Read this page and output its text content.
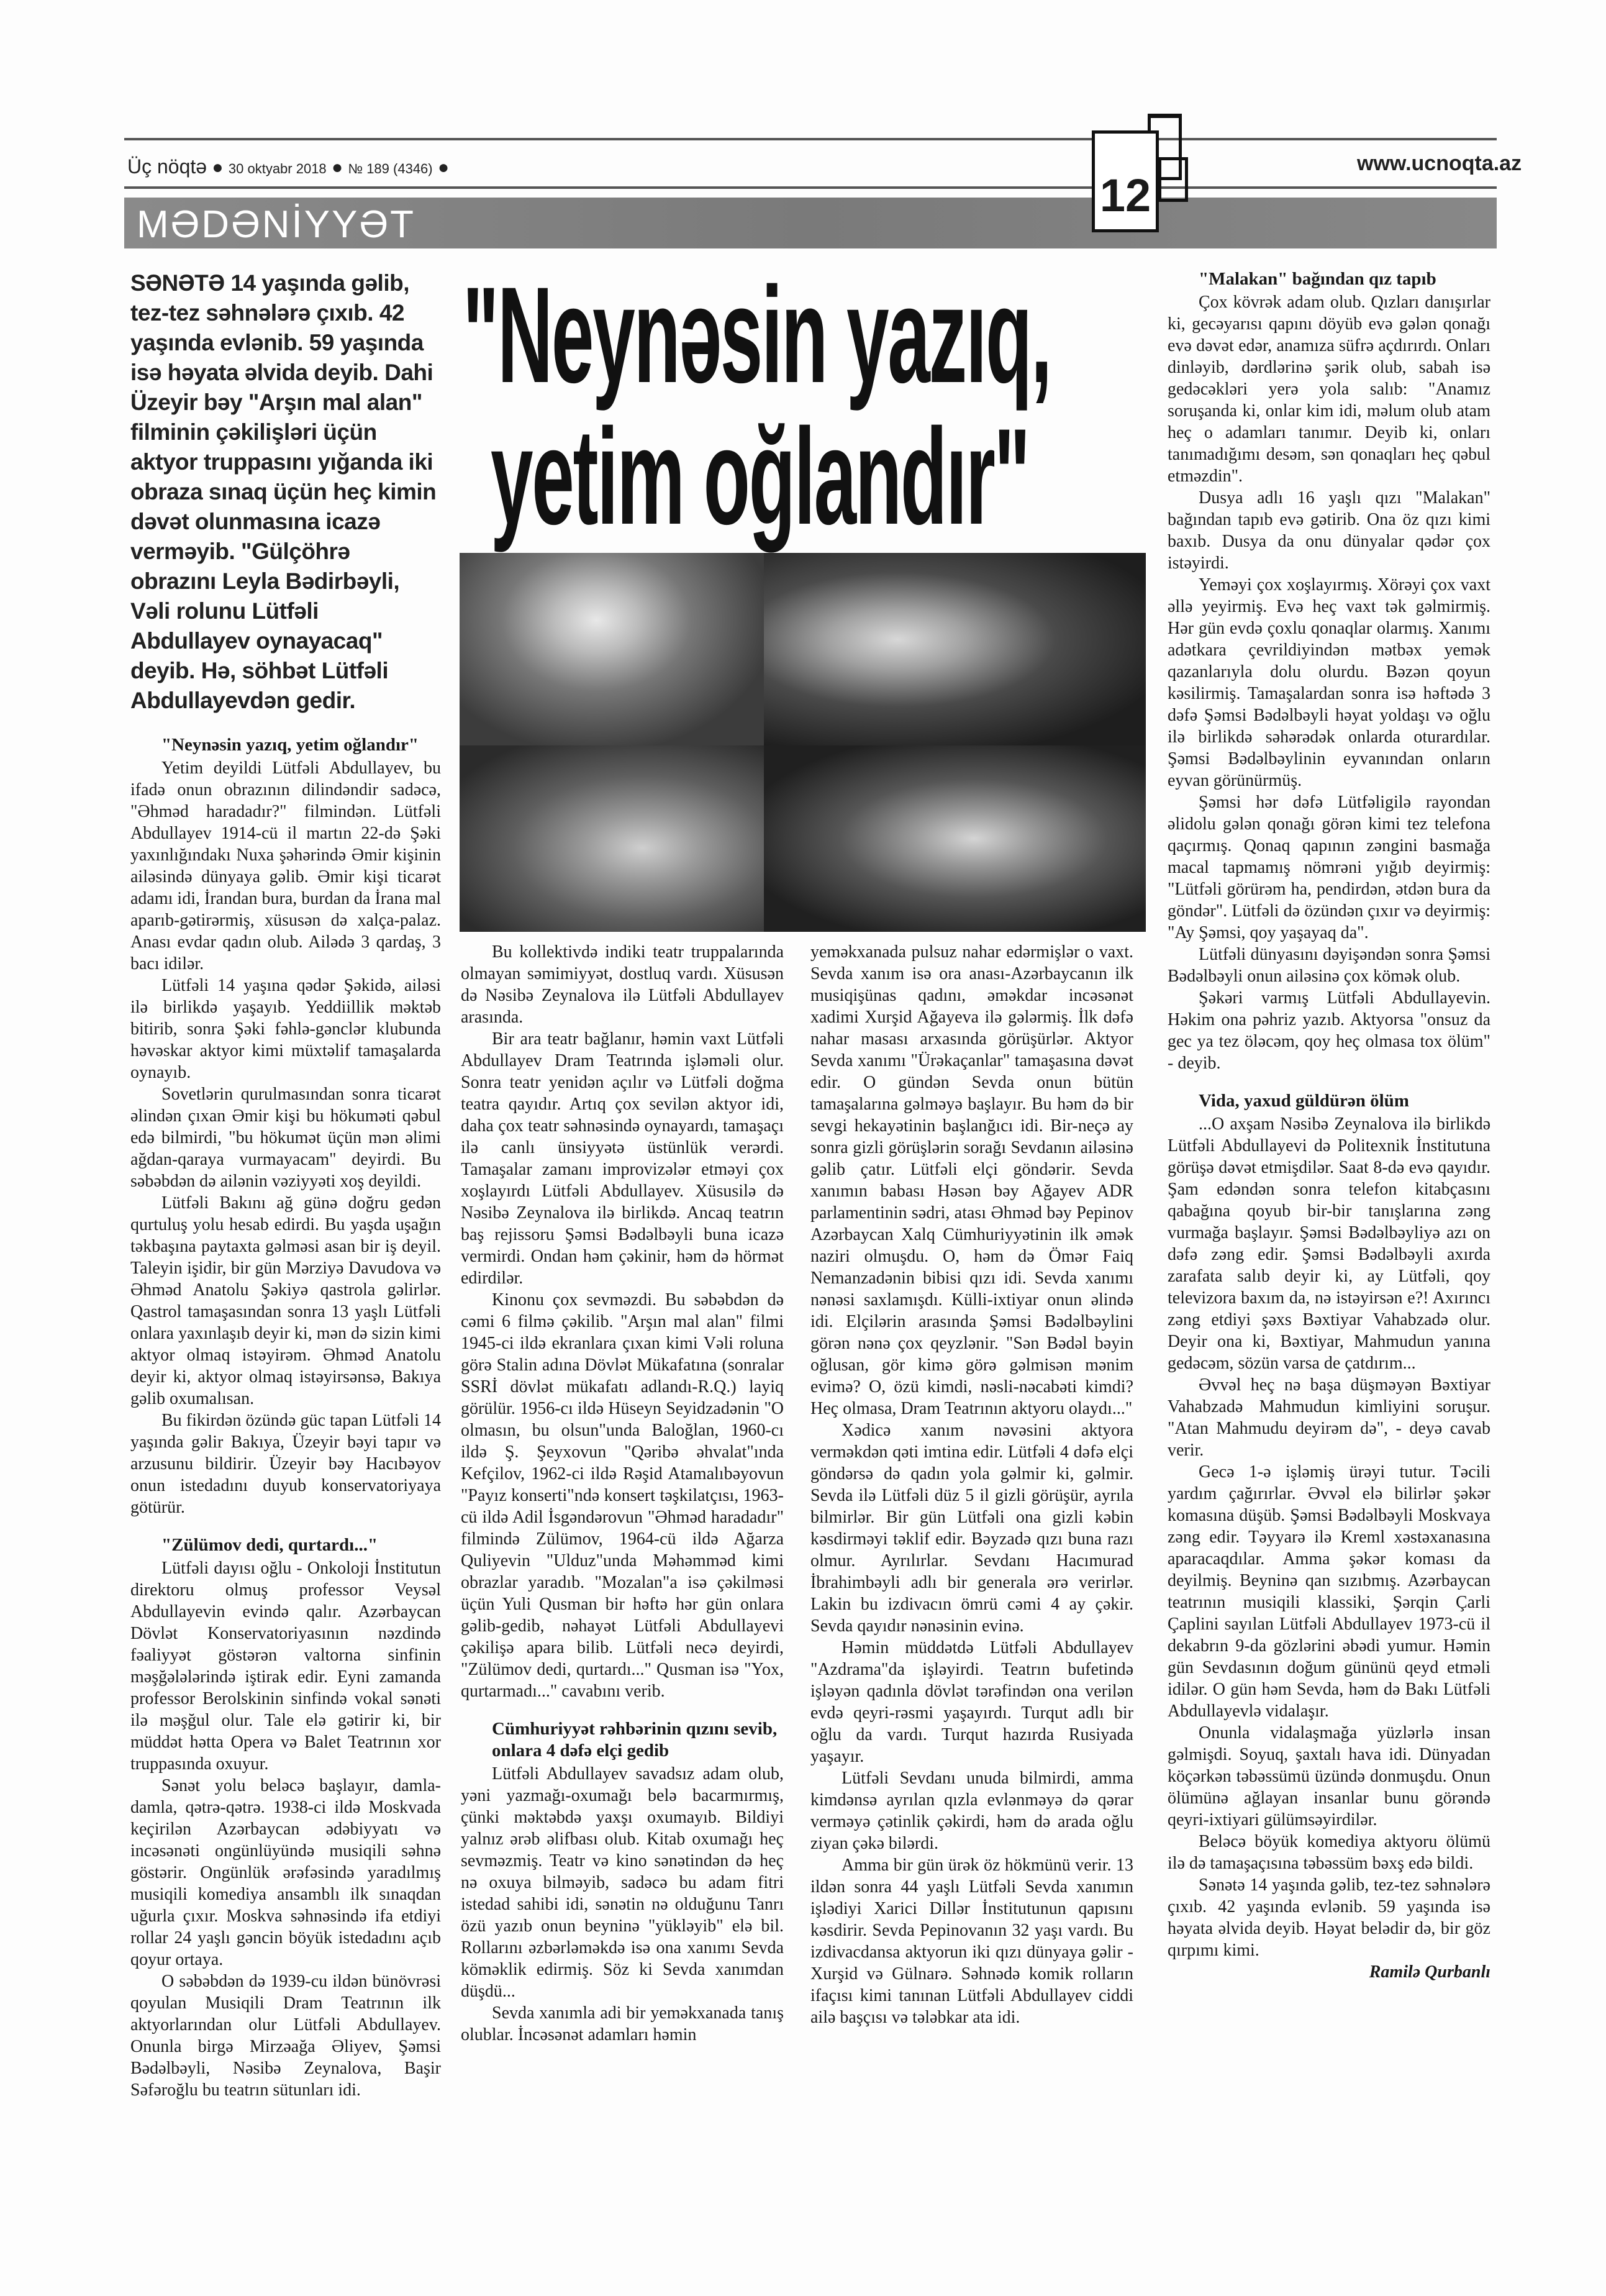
Üç nöqtə ● 30 oktyabr 2018 ● № 189 (4346) ●	www.ucnoqta.az
MƏDƏNİYYƏT
12
"Neynəsin yazıq,
yetim oğlandır"
SƏNƏTƏ 14 yaşında gəlib, tez-tez səhnələrə çıxıb. 42 yaşında evlənib. 59 yaşında isə həyata əlvida deyib. Dahi Üzeyir bəy "Arşın mal alan" filminin çəkilişləri üçün aktyor truppasını yığanda iki obraza sınaq üçün heç kimin dəvət olunmasına icazə verməyib. "Gülçöhrə obrazını Leyla Bədirbəyli, Vəli rolunu Lütfəli Abdullayev oynayacaq" deyib. Hə, söhbət Lütfəli Abdullayevdən gedir.
"Neynəsin yazıq, yetim oğlandır"

Yetim deyildi Lütfəli Abdullayev, bu ifadə onun obrazının dilindəndir sadəcə, "Əhməd haradadır?" filmindən. Lütfəli Abdullayev 1914-cü il martın 22-də Şəki yaxınlığındakı Nuxa şəhərində Əmir kişinin ailəsində dünyaya gəlib. Əmir kişi ticarət adamı idi, İrandan bura, burdan da İrana mal aparıb-gətirərmiş, xüsusən də xalça-palaz. Anası evdar qadın olub. Ailədə 3 qardaş, 3 bacı idilər.

Lütfəli 14 yaşına qədər Şəkidə, ailəsi ilə birlikdə yaşayıb. Yeddiillik məktəb bitirib, sonra Şəki fəhlə-gənclər klubunda həvəskar aktyor kimi müxtəlif tamaşalarda oynayıb.

Sovetlərin qurulmasından sonra ticarət əlindən çıxan Əmir kişi bu hökuməti qəbul edə bilmirdi, "bu hökumət üçün mən əlimi ağdan-qaraya vurmayacam" deyirdi. Bu səbəbdən də ailənin vəziyyəti xoş deyildi.

Lütfəli Bakını ağ günə doğru gedən qurtuluş yolu hesab edirdi. Bu yaşda uşağın təkbaşına paytaxta gəlməsi asan bir iş deyil. Taleyin işidir, bir gün Mərziyə Davudova və Əhməd Anatolu Şəkiyə qastrola gəlirlər. Qastrol tamaşasından sonra 13 yaşlı Lütfəli onlara yaxınlaşıb deyir ki, mən də sizin kimi aktyor olmaq istəyirəm. Əhməd Anatolu deyir ki, aktyor olmaq istəyirsənsə, Bakıya gəlib oxumalısan.

Bu fikirdən özündə güc tapan Lütfəli 14 yaşında gəlir Bakıya, Üzeyir bəyi tapır və arzusunu bildirir. Üzeyir bəy Hacıbəyov onun istedadını duyub konservatoriyaya götürür.

"Zülümov dedi, qurtardı..."

Lütfəli dayısı oğlu - Onkoloji İnstitutun direktoru olmuş professor Veysəl Abdullayevin evində qalır. Azərbaycan Dövlət Konservatoriyasının nəzdində fəaliyyət göstərən valtorna sinfinin məşğələlərində iştirak edir. Eyni zamanda professor Berolskinin sinfində vokal sənəti ilə məşğul olur. Tale elə gətirir ki, bir müddət hətta Opera və Balet Teatrının xor truppasında oxuyur.

Sənət yolu beləcə başlayır, damla-damla, qətrə-qətrə. 1938-ci ildə Moskvada keçirilən Azərbaycan ədəbiyyatı və incəsənəti ongünlüyündə musiqili səhnə göstərir. Ongünlük ərəfəsində yaradılmış musiqili komediya ansamblı ilk sınaqdan uğurla çıxır. Moskva səhnəsində ifa etdiyi rollar 24 yaşlı gəncin böyük istedadını açıb qoyur ortaya.

O səbəbdən də 1939-cu ildən bünövrəsi qoyulan Musiqili Dram Teatrının ilk aktyorlarından olur Lütfəli Abdullayev. Onunla birgə Mirzəağa Əliyev, Şəmsi Bədəlbəyli, Nəsibə Zeynalova, Başir Səfəroğlu bu teatrın sütunları idi.

Bu kollektivdə indiki teatr truppalarında olmayan səmimiyyət, dostluq vardı. Xüsusən də Nəsibə Zeynalova ilə Lütfəli Abdullayev arasında.

Bir ara teatr bağlanır, həmin vaxt Lütfəli Abdullayev Dram Teatrında işləməli olur. Sonra teatr yenidən açılır və Lütfəli doğma teatra qayıdır. Artıq çox sevilən aktyor idi, daha çox teatr səhnəsində oynayardı, tamaşaçı ilə canlı ünsiyyətə üstünlük verərdi. Tamaşalar zamanı improvizələr etməyi çox xoşlayırdı Lütfəli Abdullayev. Xüsusilə də Nəsibə Zeynalova ilə birlikdə. Ancaq teatrın baş rejissoru Şəmsi Bədəlbəyli buna icazə vermirdi. Ondan həm çəkinir, həm də hörmət edirdilər.

Kinonu çox sevməzdi. Bu səbəbdən də cəmi 6 filmə çəkilib. "Arşın mal alan" filmi 1945-ci ildə ekranlara çıxan kimi Vəli roluna görə Stalin adına Dövlət Mükafatına (sonralar SSRİ dövlət mükafatı adlandı-R.Q.) layiq görülür. 1956-cı ildə Hüseyn Seyidzadənin "O olmasın, bu olsun"unda Baloğlan, 1960-cı ildə Ş. Şeyxovun "Qəribə əhvalat"ında Kefçilov, 1962-ci ildə Rəşid Atamalıbəyovun "Payız konserti"ndə konsert təşkilatçısı, 1963-cü ildə Adil İsgəndərovun "Əhməd haradadır" filmində Zülümov, 1964-cü ildə Ağarza Quliyevin "Ulduz"unda Məhəmməd kimi obrazlar yaradıb. "Mozalan"a isə çəkilməsi üçün Yuli Qusman bir həftə hər gün onlara gəlib-gedib, nəhayət Lütfəli Abdullayevi çəkilişə apara bilib. Lütfəli necə deyirdi, "Zülümov dedi, qurtardı..." Qusman isə "Yox, qurtarmadı..." cavabını verib.

Cümhuriyyət rəhbərinin qızını sevib, onlara 4 dəfə elçi gedib

Lütfəli Abdullayev savadsız adam olub, yəni yazmağı-oxumağı belə bacarmırmış, çünki məktəbdə yaxşı oxumayıb. Bildiyi yalnız ərəb əlifbası olub. Kitab oxumağı heç sevməzmiş. Teatr və kino sənətindən də heç nə oxuya bilməyib, sadəcə bu adam fitri istedad sahibi idi, sənətin nə olduğunu Tanrı özü yazıb onun beyninə "yükləyib" elə bil. Rollarını əzbərləməkdə isə ona xanımı Sevda köməklik edirmiş. Söz ki Sevda xanımdan düşdü...

Sevda xanımla adi bir yeməkxanada tanış olublar. İncəsənət adamları həmin

yeməkxanada pulsuz nahar edərmişlər o vaxt. Sevda xanım isə ora anası-Azərbaycanın ilk musiqişünas qadını, əməkdar incəsənət xadimi Xurşid Ağayeva ilə gələrmiş. İlk dəfə nahar masası arxasında görüşürlər. Aktyor Sevda xanımı "Ürəkaçanlar" tamaşasına dəvət edir. O gündən Sevda onun bütün tamaşalarına gəlməyə başlayır. Bu həm də bir sevgi hekayətinin başlanğıcı idi. Bir-neçə ay sonra gizli görüşlərin sorağı Sevdanın ailəsinə gəlib çatır. Lütfəli elçi göndərir. Sevda xanımın babası Həsən bəy Ağayev ADR parlamentinin sədri, atası Əhməd bəy Pepinov Azərbaycan Xalq Cümhuriyyətinin ilk əmək naziri olmuşdu. O, həm də Ömər Faiq Nemanzadənin bibisi qızı idi. Sevda xanımı nənəsi saxlamışdı. Külli-ixtiyar onun əlində idi. Elçilərin arasında Şəmsi Bədəlbəylini görən nənə çox qeyzlənir. "Sən Bədəl bəyin oğlusan, gör kimə görə gəlmisən mənim evimə? O, özü kimdi, nəsli-nəcabəti kimdi? Heç olmasa, Dram Teatrının aktyoru olaydı..."

Xədicə xanım nəvəsini aktyora verməkdən qəti imtina edir. Lütfəli 4 dəfə elçi göndərsə də qadın yola gəlmir ki, gəlmir. Sevda ilə Lütfəli düz 5 il gizli görüşür, ayrıla bilmirlər. Bir gün Lütfəli ona gizli kəbin kəsdirməyi təklif edir. Bəyzadə qızı buna razı olmur. Ayrılırlar. Sevdanı Hacımurad İbrahimbəyli adlı bir generala ərə verirlər. Lakin bu izdivacın ömrü cəmi 4 ay çəkir. Sevda qayıdır nənəsinin evinə.

Həmin müddətdə Lütfəli Abdullayev "Azdrama"da işləyirdi. Teatrın bufetində işləyən qadınla dövlət tərəfindən ona verilən evdə qeyri-rəsmi yaşayırdı. Turqut adlı bir oğlu da vardı. Turqut hazırda Rusiyada yaşayır.

Lütfəli Sevdanı unuda bilmirdi, amma kimdənsə ayrılan qızla evlənməyə də qərar verməyə çətinlik çəkirdi, həm də arada oğlu ziyan çəkə bilərdi.

Amma bir gün ürək öz hökmünü verir. 13 ildən sonra 44 yaşlı Lütfəli Sevda xanımın işlədiyi Xarici Dillər İnstitutunun qapısını kəsdirir. Sevda Pepinovanın 32 yaşı vardı. Bu izdivacdansa aktyorun iki qızı dünyaya gəlir - Xurşid və Gülnarə. Səhnədə komik rolların ifaçısı kimi tanınan Lütfəli Abdullayev ciddi ailə başçısı və tələbkar ata idi.

"Malakan" bağından qız tapıb

Çox kövrək adam olub. Qızları danışırlar ki, gecəyarısı qapını döyüb evə gələn qonağı evə dəvət edər, anamıza süfrə açdırırdı. Onları dinləyib, dərdlərinə şərik olub, sabah isə gedəcəkləri yerə yola salıb: "Anamız soruşanda ki, onlar kim idi, məlum olub atam heç o adamları tanımır. Deyib ki, onları tanımadığımı desəm, sən qonaqları heç qəbul etməzdin".

Dusya adlı 16 yaşlı qızı "Malakan" bağından tapıb evə gətirib. Ona öz qızı kimi baxıb. Dusya da onu dünyalar qədər çox istəyirdi.

Yeməyi çox xoşlayırmış. Xörəyi çox vaxt əllə yeyirmiş. Evə heç vaxt tək gəlmirmiş. Hər gün evdə çoxlu qonaqlar olarmış. Xanımı adətkara çevrildiyindən mətbəx yemək qazanlarıyla dolu olurdu. Bəzən qoyun kəsilirmiş. Tamaşalardan sonra isə həftədə 3 dəfə Şəmsi Bədəlbəyli həyat yoldaşı və oğlu ilə birlikdə səhərədək onlarda oturardılar. Şəmsi Bədəlbəylinin eyvanından onların eyvan görünürmüş.

Şəmsi hər dəfə Lütfəligilə rayondan əlidolu gələn qonağı görən kimi tez telefona qaçırmış. Qonaq qapının zəngini basmağa macal tapmamış nömrəni yığıb deyirmiş: "Lütfəli görürəm ha, pendirdən, ətdən bura da göndər". Lütfəli də özündən çıxır və deyirmiş: "Ay Şəmsi, qoy yaşayaq da".

Lütfəli dünyasını dəyişəndən sonra Şəmsi Bədəlbəyli onun ailəsinə çox kömək olub.

Şəkəri varmış Lütfəli Abdullayevin. Həkim ona pəhriz yazıb. Aktyorsa "onsuz da gec ya tez öləcəm, qoy heç olmasa tox ölüm" - deyib.

Vida, yaxud güldürən ölüm

...O axşam Nəsibə Zeynalova ilə birlikdə Lütfəli Abdullayevi də Politexnik İnstitutuna görüşə dəvət etmişdilər. Saat 8-də evə qayıdır. Şam edəndən sonra telefon kitabçasını qabağına qoyub bir-bir tanışlarına zəng vurmağa başlayır. Şəmsi Bədəlbəyliyə azı on dəfə zəng edir. Şəmsi Bədəlbəyli axırda zarafata salıb deyir ki, ay Lütfəli, qoy televizora baxım da, nə istəyirsən e?! Axırıncı zəng etdiyi şəxs Bəxtiyar Vahabzadə olur. Deyir ona ki, Bəxtiyar, Mahmudun yanına gedəcəm, sözün varsa de çatdırım...

Əvvəl heç nə başa düşməyən Bəxtiyar Vahabzadə Mahmudun kimliyini soruşur. "Atan Mahmudu deyirəm də", - deyə cavab verir.

Gecə 1-ə işləmiş ürəyi tutur. Təcili yardım çağırırlar. Əvvəl elə bilirlər şəkər komasına düşüb. Şəmsi Bədəlbəyli Moskvaya zəng edir. Təyyarə ilə Kreml xəstəxanasına aparacaqdılar. Amma şəkər koması da deyilmiş. Beyninə qan sızıbmış. Azərbaycan teatrının musiqili klassiki, Şərqin Çarli Çaplini sayılan Lütfəli Abdullayev 1973-cü il dekabrın 9-da gözlərini əbədi yumur. Həmin gün Sevdasının doğum gününü qeyd etməli idilər. O gün həm Sevda, həm də Bakı Lütfəli Abdullayevlə vidalaşır.

Onunla vidalaşmağa yüzlərlə insan gəlmişdi. Soyuq, şaxtalı hava idi. Dünyadan köçərkən təbəssümü üzündə donmuşdu. Onun ölümünə ağlayan insanlar bunu görəndə qeyri-ixtiyari gülümsəyirdilər.

Beləcə böyük komediya aktyoru ölümü ilə də tamaşaçısına təbəssüm bəxş edə bildi.

Sənətə 14 yaşında gəlib, tez-tez səhnələrə çıxıb. 42 yaşında evlənib. 59 yaşında isə həyata əlvida deyib. Həyat belədir də, bir göz qırpımı kimi.

Ramilə Qurbanlı
